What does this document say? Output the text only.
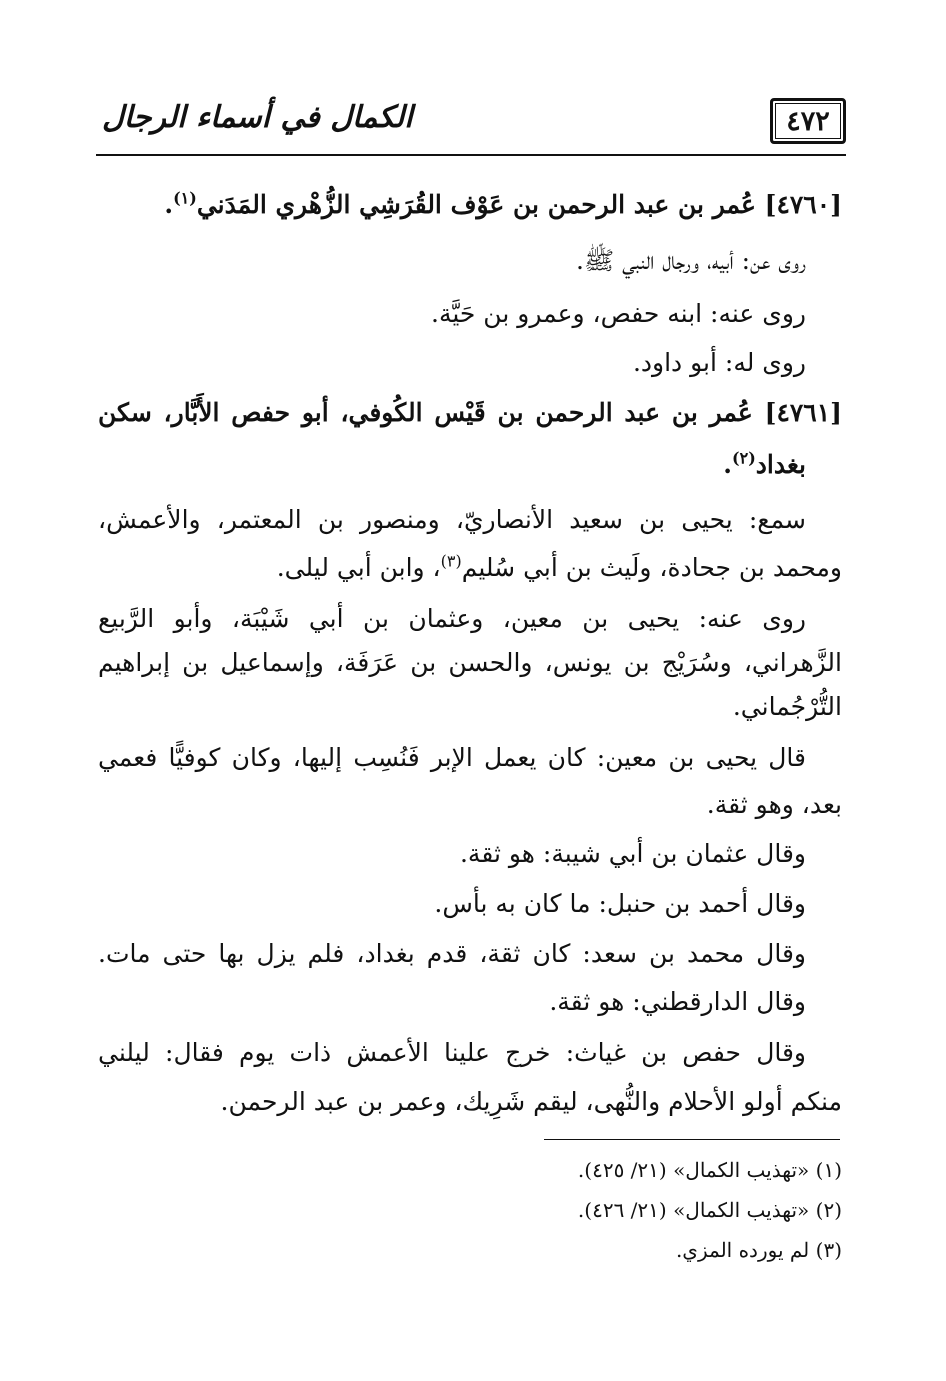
٤٧٢
الكمال في أسماء الرجال
[٤٧٦٠] عُمر بن عبد الرحمن بن عَوْف القُرَشِي الزُّهْري المَدَني$^{(١)}$.
روى عن: أبيه، ورجال النبي ﷺ.
روى عنه: ابنه حفص، وعمرو بن حَيَّة.
روى له: أبو داود.
[٤٧٦١] عُمر بن عبد الرحمن بن قَيْس الكُوفي، أبو حفص الأَبَّار، سكن
بغداد$^{(٢)}$.
سمع: يحيى بن سعيد الأنصاريّ، ومنصور بن المعتمر، والأعمش،
ومحمد بن جحادة، ولَيث بن أبي سُليم$^{(٣)}$، وابن أبي ليلى.
روى عنه: يحيى بن معين، وعثمان بن أبي شَيْبَة، وأبو الرَّبيع
الزَّهراني، وسُرَيْج بن يونس، والحسن بن عَرَفَة، وإسماعيل بن إبراهيم
التُّرْجُماني.
قال يحيى بن معين: كان يعمل الإبر فَنُسِب إليها، وكان كوفيًّا فعمي
بعد، وهو ثقة.
وقال عثمان بن أبي شيبة: هو ثقة.
وقال أحمد بن حنبل: ما كان به بأس.
وقال محمد بن سعد: كان ثقة، قدم بغداد، فلم يزل بها حتى مات.
وقال الدارقطني: هو ثقة.
وقال حفص بن غياث: خرج علينا الأعمش ذات يوم فقال: ليلني
منكم أولو الأحلام والنُّهى، ليقم شَرِيك، وعمر بن عبد الرحمن.
(١) «تهذيب الكمال» (٢١/ ٤٢٥).
(٢) «تهذيب الكمال» (٢١/ ٤٢٦).
(٣) لم يورده المزي.
